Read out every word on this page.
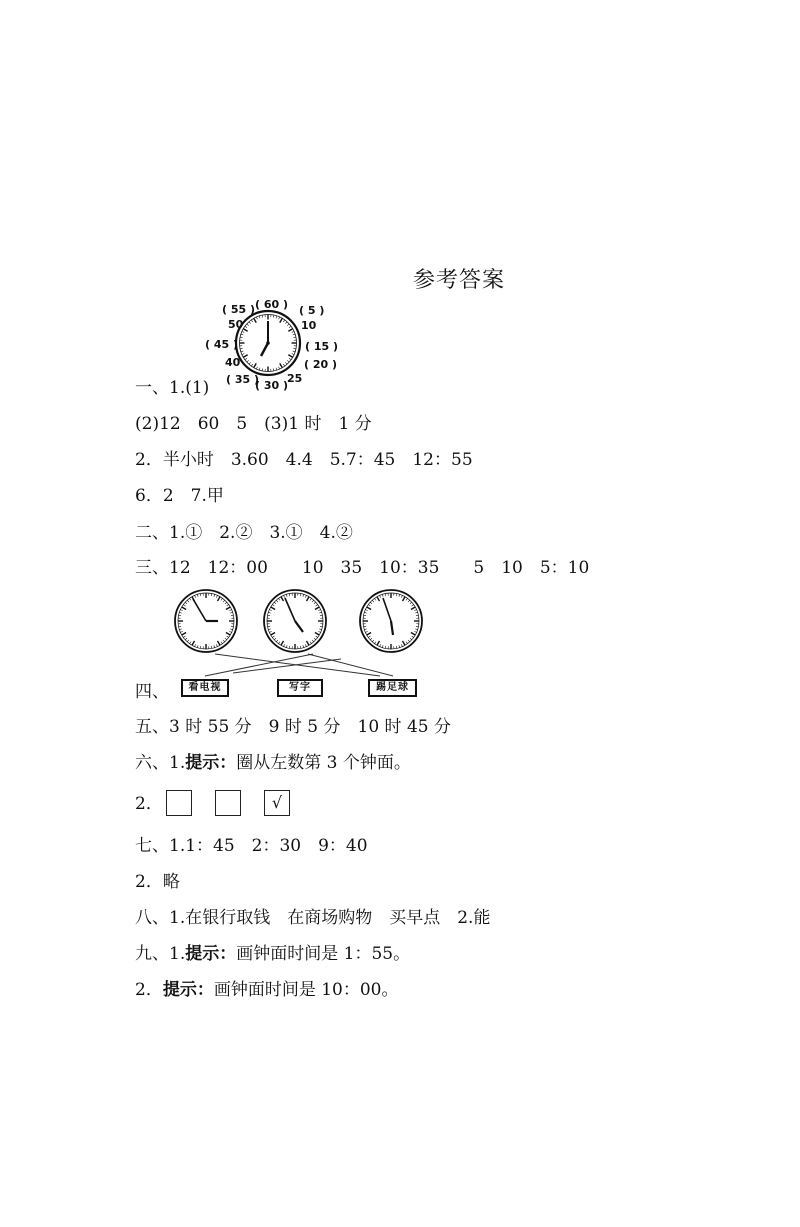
参考答案
( 55 ) ( 60 ) ( 5 )
( 45 )	( 15 )
( 20 )
( 35 )
( 30 )
50	10
40
25
一、1.(1)
(2)12　60　5　(3)1 时　1 分
2．半小时　3.60　4.4　5.7：45　12：55
6．2　7.甲
二、1.①　2.②　3.①　4.②
三、12　12：00　　10　35　10：35　　5　10　5：10
四、	看电视	写字	踢足球
五、3 时 55 分　9 时 5 分　10 时 45 分
六、1.提示：圈从左数第 3 个钟面。
2．	√
七、1.1：45　2：30　9：40
2．略
八、1.在银行取钱　在商场购物　买早点　2.能
九、1.提示：画钟面时间是 1：55。
2．提示：画钟面时间是 10：00。
